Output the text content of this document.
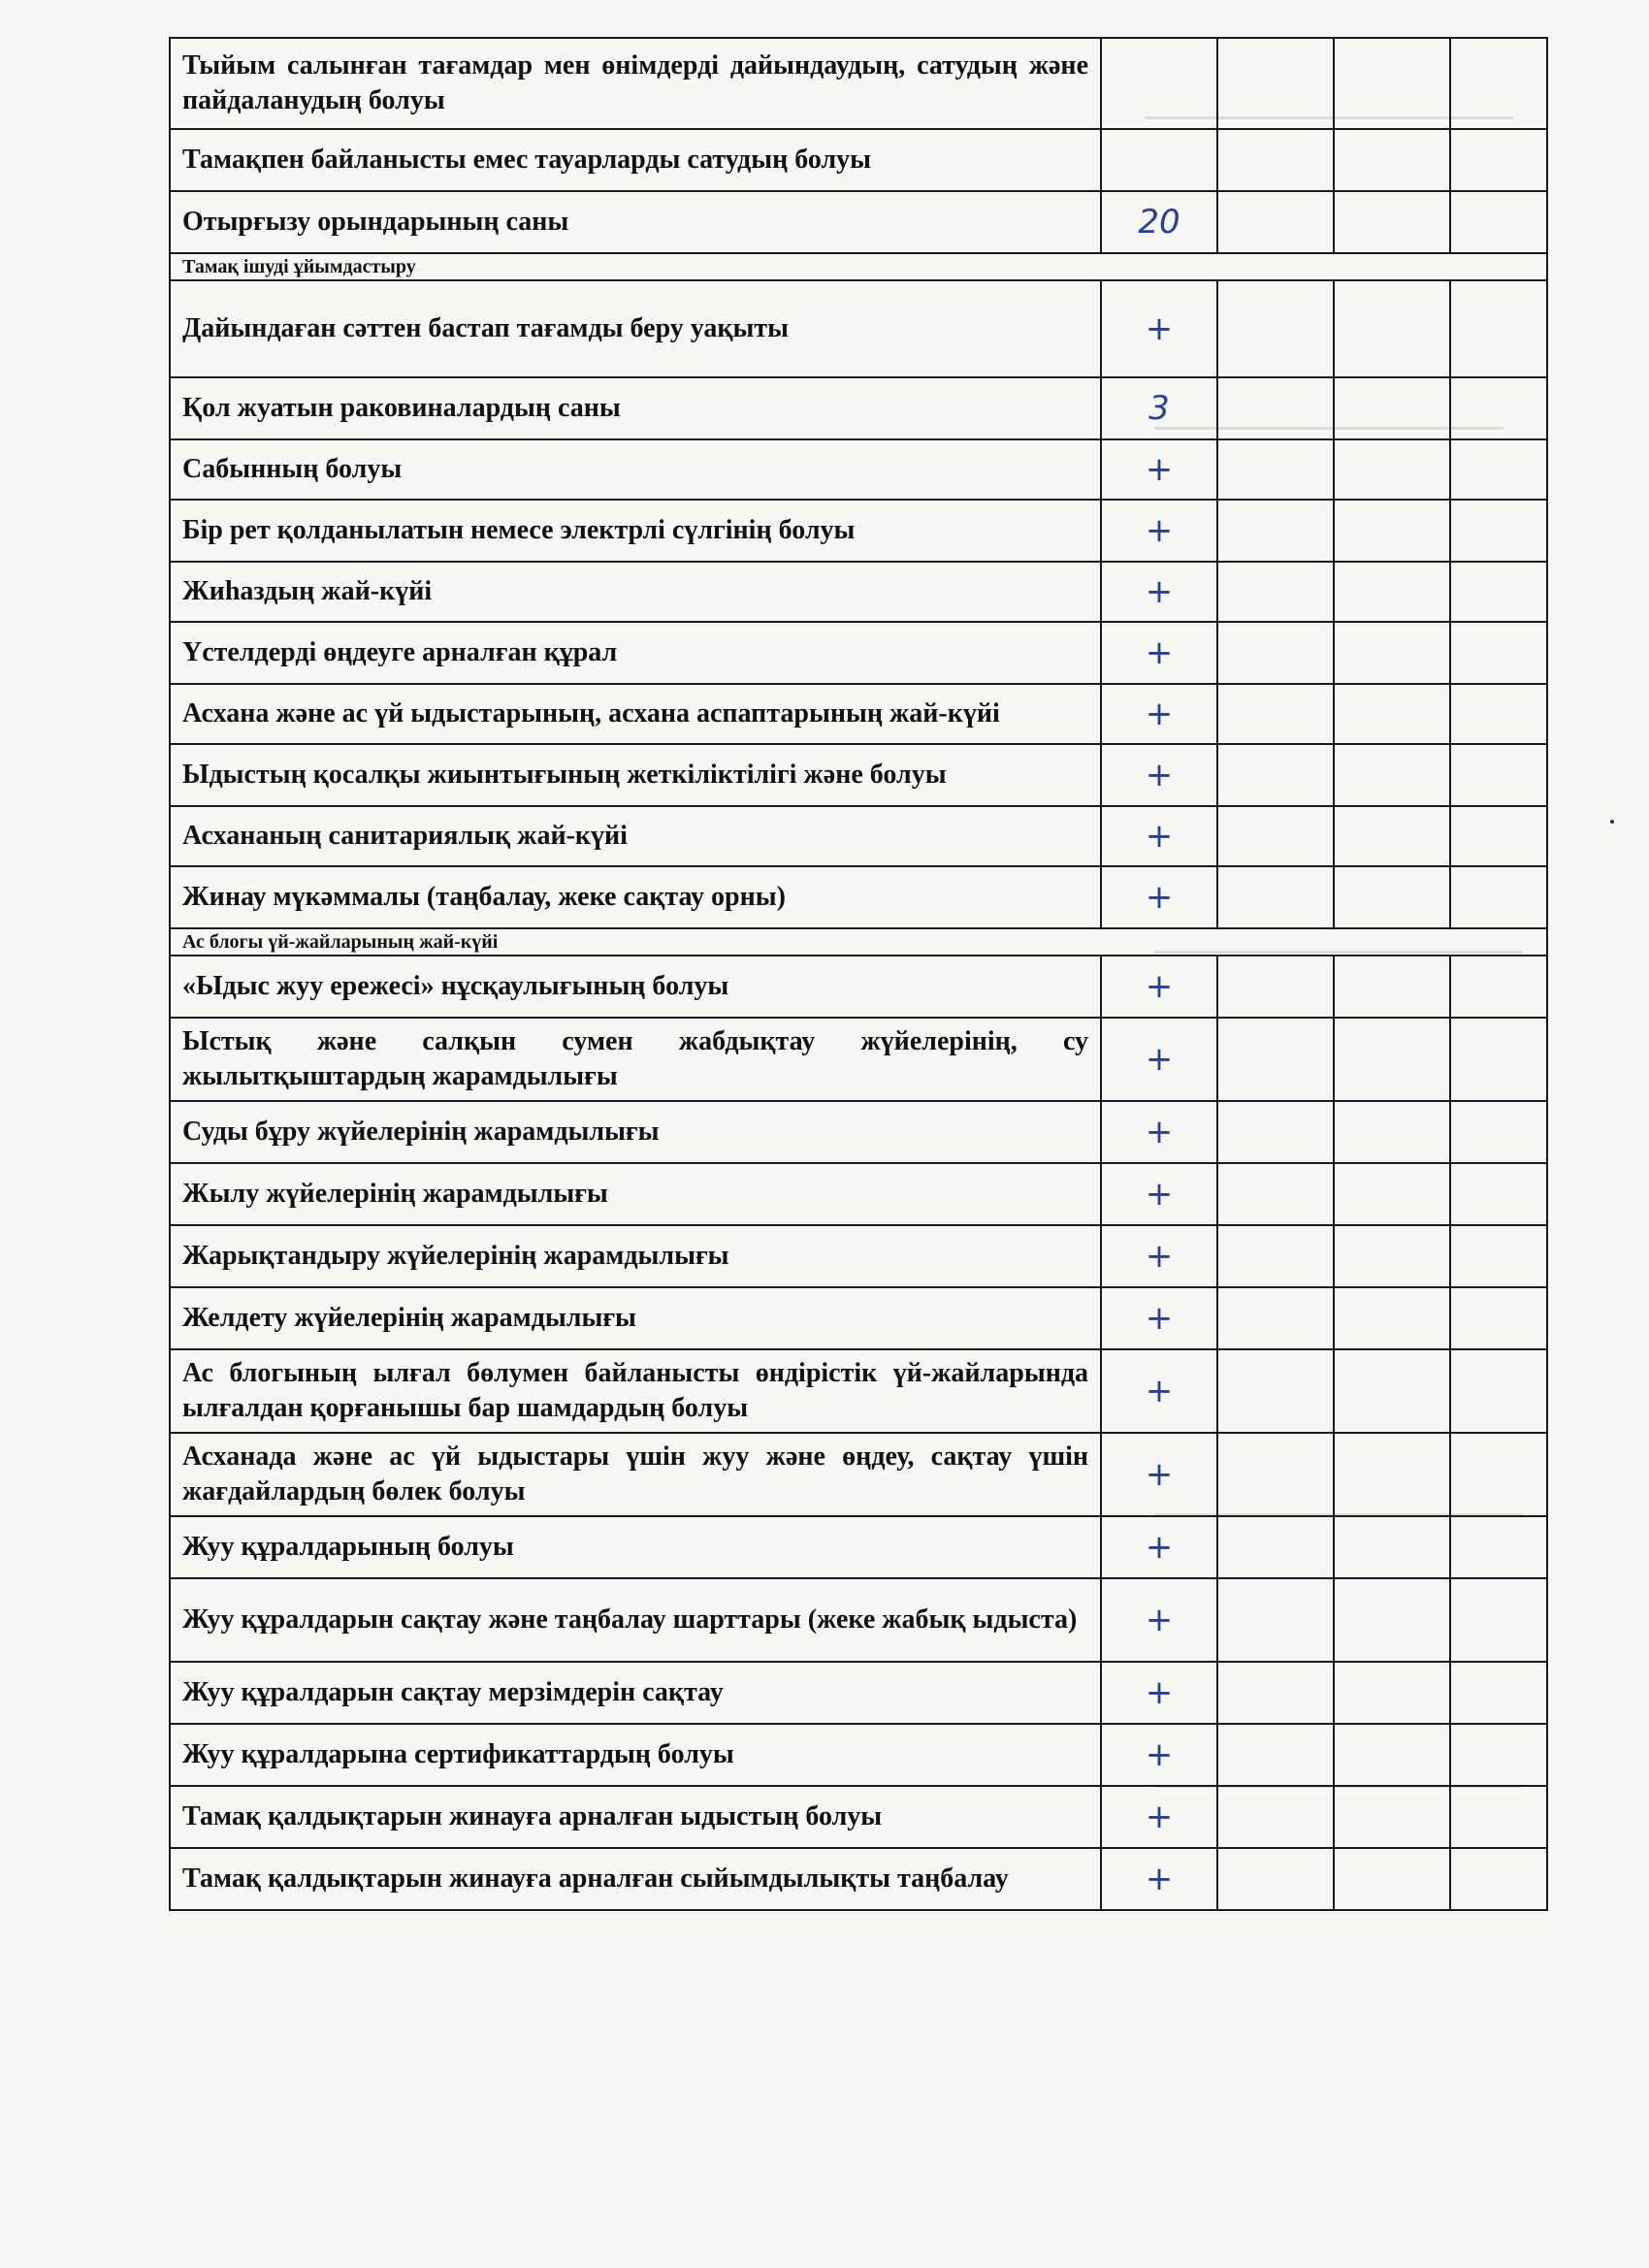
Тыйым салынған тағамдар мен өнімдерді дайындаудың, сатудың және пайдаланудың болуы				
Тамақпен байланысты емес тауарларды сатудың болуы				
Отырғызу орындарының саны	20			
Тамақ ішуді ұйымдастыру				
Дайындаған сәттен бастап тағамды беру уақыты	+			
Қол жуатын раковиналардың саны	3			
Сабынның болуы	+			
Бір рет қолданылатын немесе электрлі сүлгінің болуы	+			
Жиһаздың жай-күйі	+			
Үстелдерді өңдеуге арналған құрал	+			
Асхана және ас үй ыдыстарының, асхана аспаптарының жай-күйі	+			
Ыдыстың қосалқы жиынтығының жеткіліктілігі және болуы	+			
Асхананың санитариялық жай-күйі	+			
Жинау мүкәммалы (таңбалау, жеке сақтау орны)	+			
Ас блогы үй-жайларының жай-күйі				
«Ыдыс жуу ережесі» нұсқаулығының болуы	+			
Ыстық және салқын сумен жабдықтау жүйелерінің, су жылытқыштардың жарамдылығы	+			
Суды бұру жүйелерінің жарамдылығы	+			
Жылу жүйелерінің жарамдылығы	+			
Жарықтандыру жүйелерінің жарамдылығы	+			
Желдету жүйелерінің жарамдылығы	+			
Ас блогының ылғал бөлумен байланысты өндірістік үй-жайларында ылғалдан қорғанышы бар шамдардың болуы	+			
Асханада және ас үй ыдыстары үшін жуу және өңдеу, сақтау үшін жағдайлардың бөлек болуы	+			
Жуу құралдарының болуы	+			
Жуу құралдарын сақтау және таңбалау шарттары (жеке жабық ыдыста)	+			
Жуу құралдарын сақтау мерзімдерін сақтау	+			
Жуу құралдарына сертификаттардың болуы	+			
Тамақ қалдықтарын жинауға арналған ыдыстың болуы	+			
Тамақ қалдықтарын жинауға арналған сыйымдылықты таңбалау	+			
